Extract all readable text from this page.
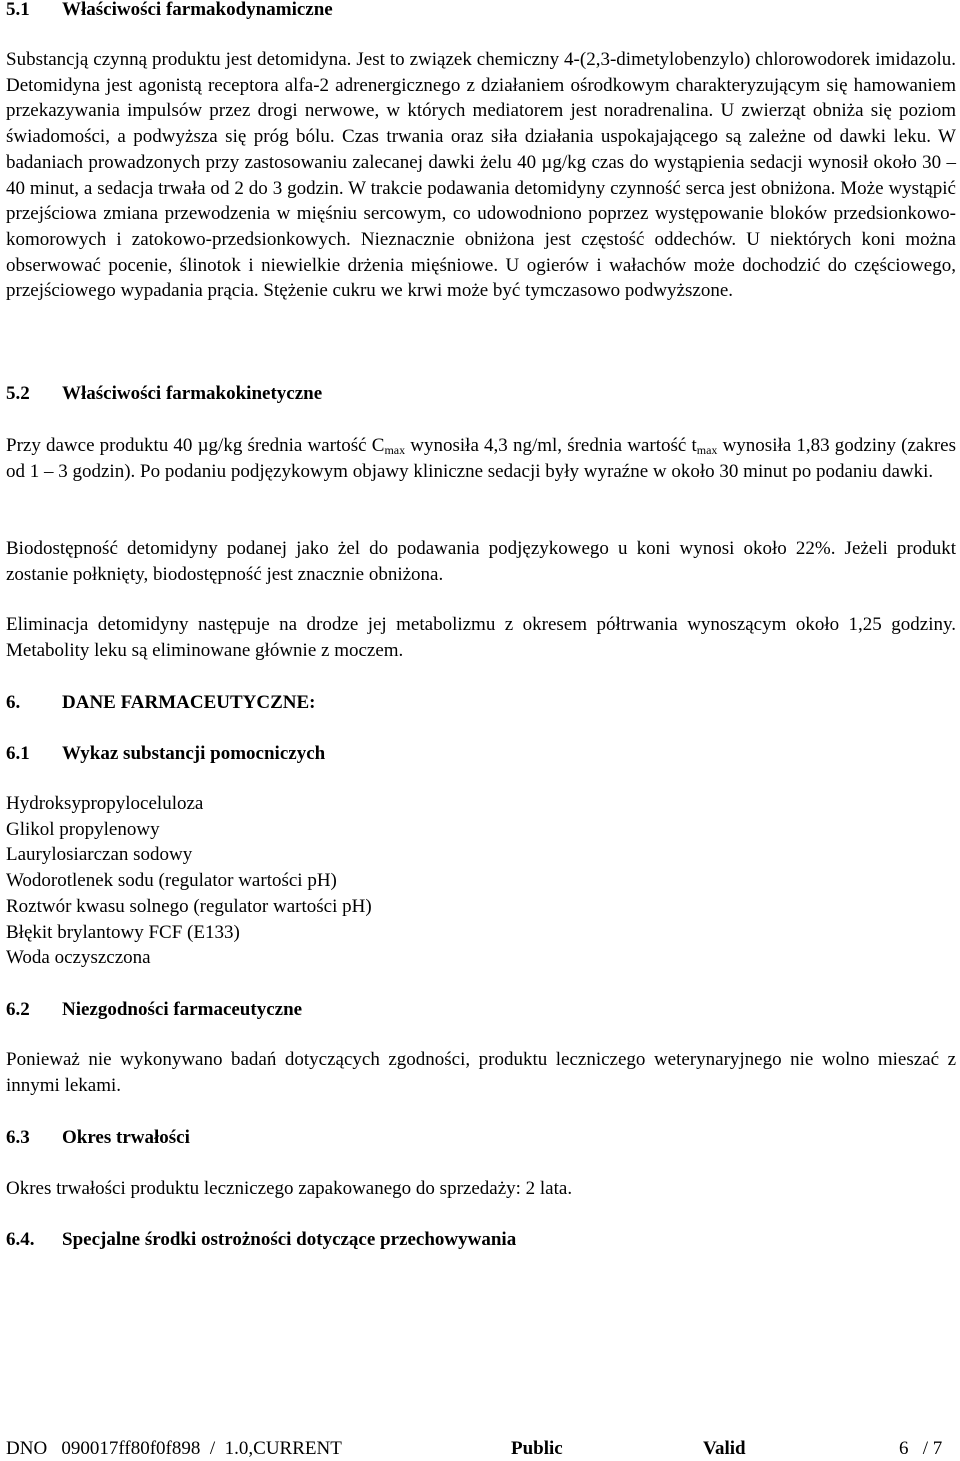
5.1 Właściwości farmakodynamiczne

Substancją czynną produktu jest detomidyna. Jest to związek chemiczny 4-(2,3-dimetylobenzylo) chlorowodorek imidazolu. Detomidyna jest agonistą receptora alfa-2 adrenergicznego z działaniem ośrodkowym charakteryzującym się hamowaniem przekazywania impulsów przez drogi nerwowe, w których mediatorem jest noradrenalina. U zwierząt obniża się poziom świadomości, a podwyższa się próg bólu. Czas trwania oraz siła działania uspokajającego są zależne od dawki leku. W badaniach prowadzonych przy zastosowaniu zalecanej dawki żelu 40 µg/kg czas do wystąpienia sedacji wynosił około 30 – 40 minut, a sedacja trwała od 2 do 3 godzin. W trakcie podawania detomidyny czynność serca jest obniżona. Może wystąpić przejściowa zmiana przewodzenia w mięśniu sercowym, co udowodniono poprzez występowanie bloków przedsionkowo-komorowych i zatokowo-przedsionkowych. Nieznacznie obniżona jest częstość oddechów. U niektórych koni można obserwować pocenie, ślinotok i niewielkie drżenia mięśniowe. U ogierów i wałachów może dochodzić do częściowego, przejściowego wypadania prącia. Stężenie cukru we krwi może być tymczasowo podwyższone.

5.2 Właściwości farmakokinetyczne

Przy dawce produktu 40 µg/kg średnia wartość $C_{max}$ wynosiła 4,3 ng/ml, średnia wartość $t_{max}$ wynosiła 1,83 godziny (zakres od 1 – 3 godzin). Po podaniu podjęzykowym objawy kliniczne sedacji były wyraźne w około 30 minut po podaniu dawki.

Biodostępność detomidyny podanej jako żel do podawania podjęzykowego u koni wynosi około 22%. Jeżeli produkt zostanie połknięty, biodostępność jest znacznie obniżona.

Eliminacja detomidyny następuje na drodze jej metabolizmu z okresem półtrwania wynoszącym około 1,25 godziny. Metabolity leku są eliminowane głównie z moczem.

6. DANE FARMACEUTYCZNE:
6.1 Wykaz substancji pomocniczych
Hydroksypropyloceluloza
Glikol propylenowy
Laurylosiarczan sodowy
Wodorotlenek sodu (regulator wartości pH)
Roztwór kwasu solnego (regulator wartości pH)
Błękit brylantowy FCF (E133)
Woda oczyszczona
6.2 Niezgodności farmaceutyczne

Ponieważ nie wykonywano badań dotyczących zgodności, produktu leczniczego weterynaryjnego nie wolno mieszać z innymi lekami.

6.3 Okres trwałości

Okres trwałości produktu leczniczego zapakowanego do sprzedaży: 2 lata.

6.4. Specjalne środki ostrożności dotyczące przechowywania
DNO   090017ff80f0f898  /  1.0,CURRENT	Public	Valid	6   / 7
